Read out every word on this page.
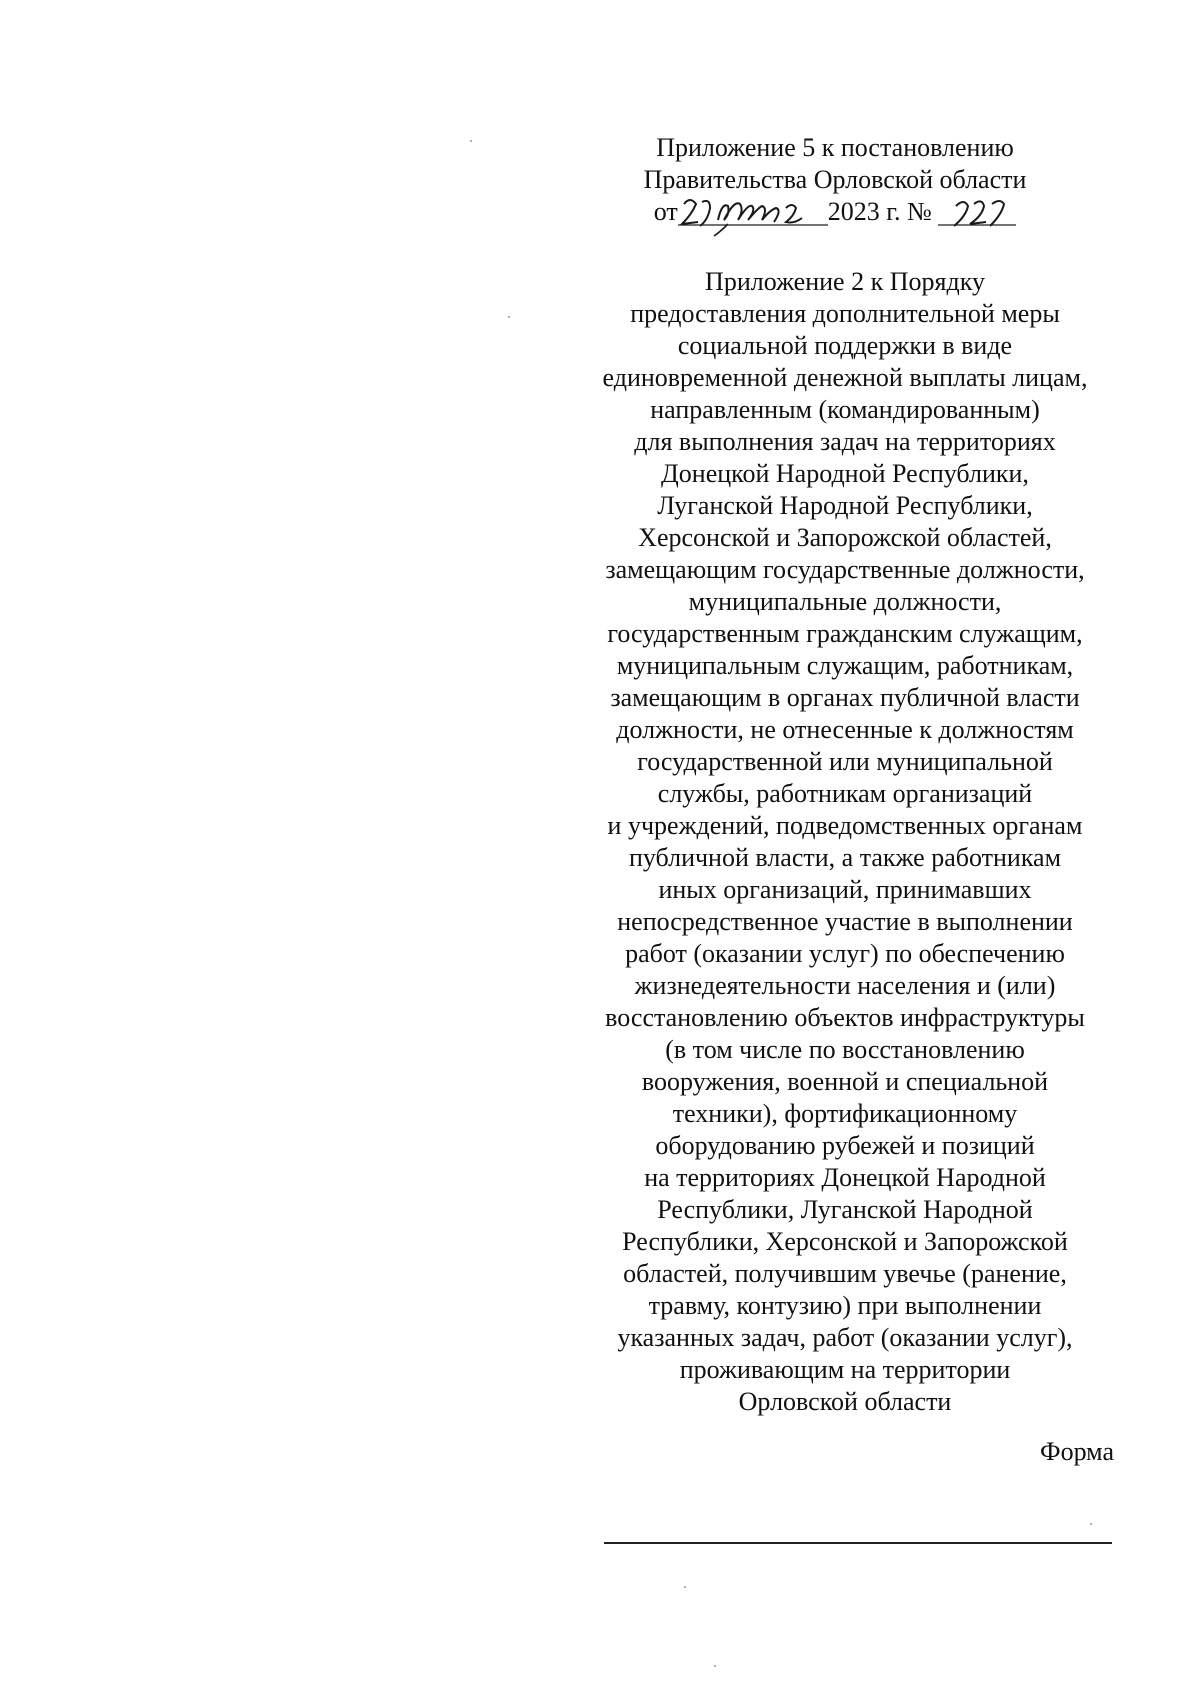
Приложение 5 к постановлению
Правительства Орловской области
от	2023 г. №
Приложение 2 к Порядку
предоставления дополнительной меры
социальной поддержки в виде
единовременной денежной выплаты лицам,
направленным (командированным)
для выполнения задач на территориях
Донецкой Народной Республики,
Луганской Народной Республики,
Херсонской и Запорожской областей,
замещающим государственные должности,
муниципальные должности,
государственным гражданским служащим,
муниципальным служащим, работникам,
замещающим в органах публичной власти
должности, не отнесенные к должностям
государственной или муниципальной
службы, работникам организаций
и учреждений, подведомственных органам
публичной власти, а также работникам
иных организаций, принимавших
непосредственное участие в выполнении
работ (оказании услуг) по обеспечению
жизнедеятельности населения и (или)
восстановлению объектов инфраструктуры
(в том числе по восстановлению
вооружения, военной и специальной
техники), фортификационному
оборудованию рубежей и позиций
на территориях Донецкой Народной
Республики, Луганской Народной
Республики, Херсонской и Запорожской
областей, получившим увечье (ранение,
травму, контузию) при выполнении
указанных задач, работ (оказании услуг),
проживающим на территории
Орловской области
Форма
